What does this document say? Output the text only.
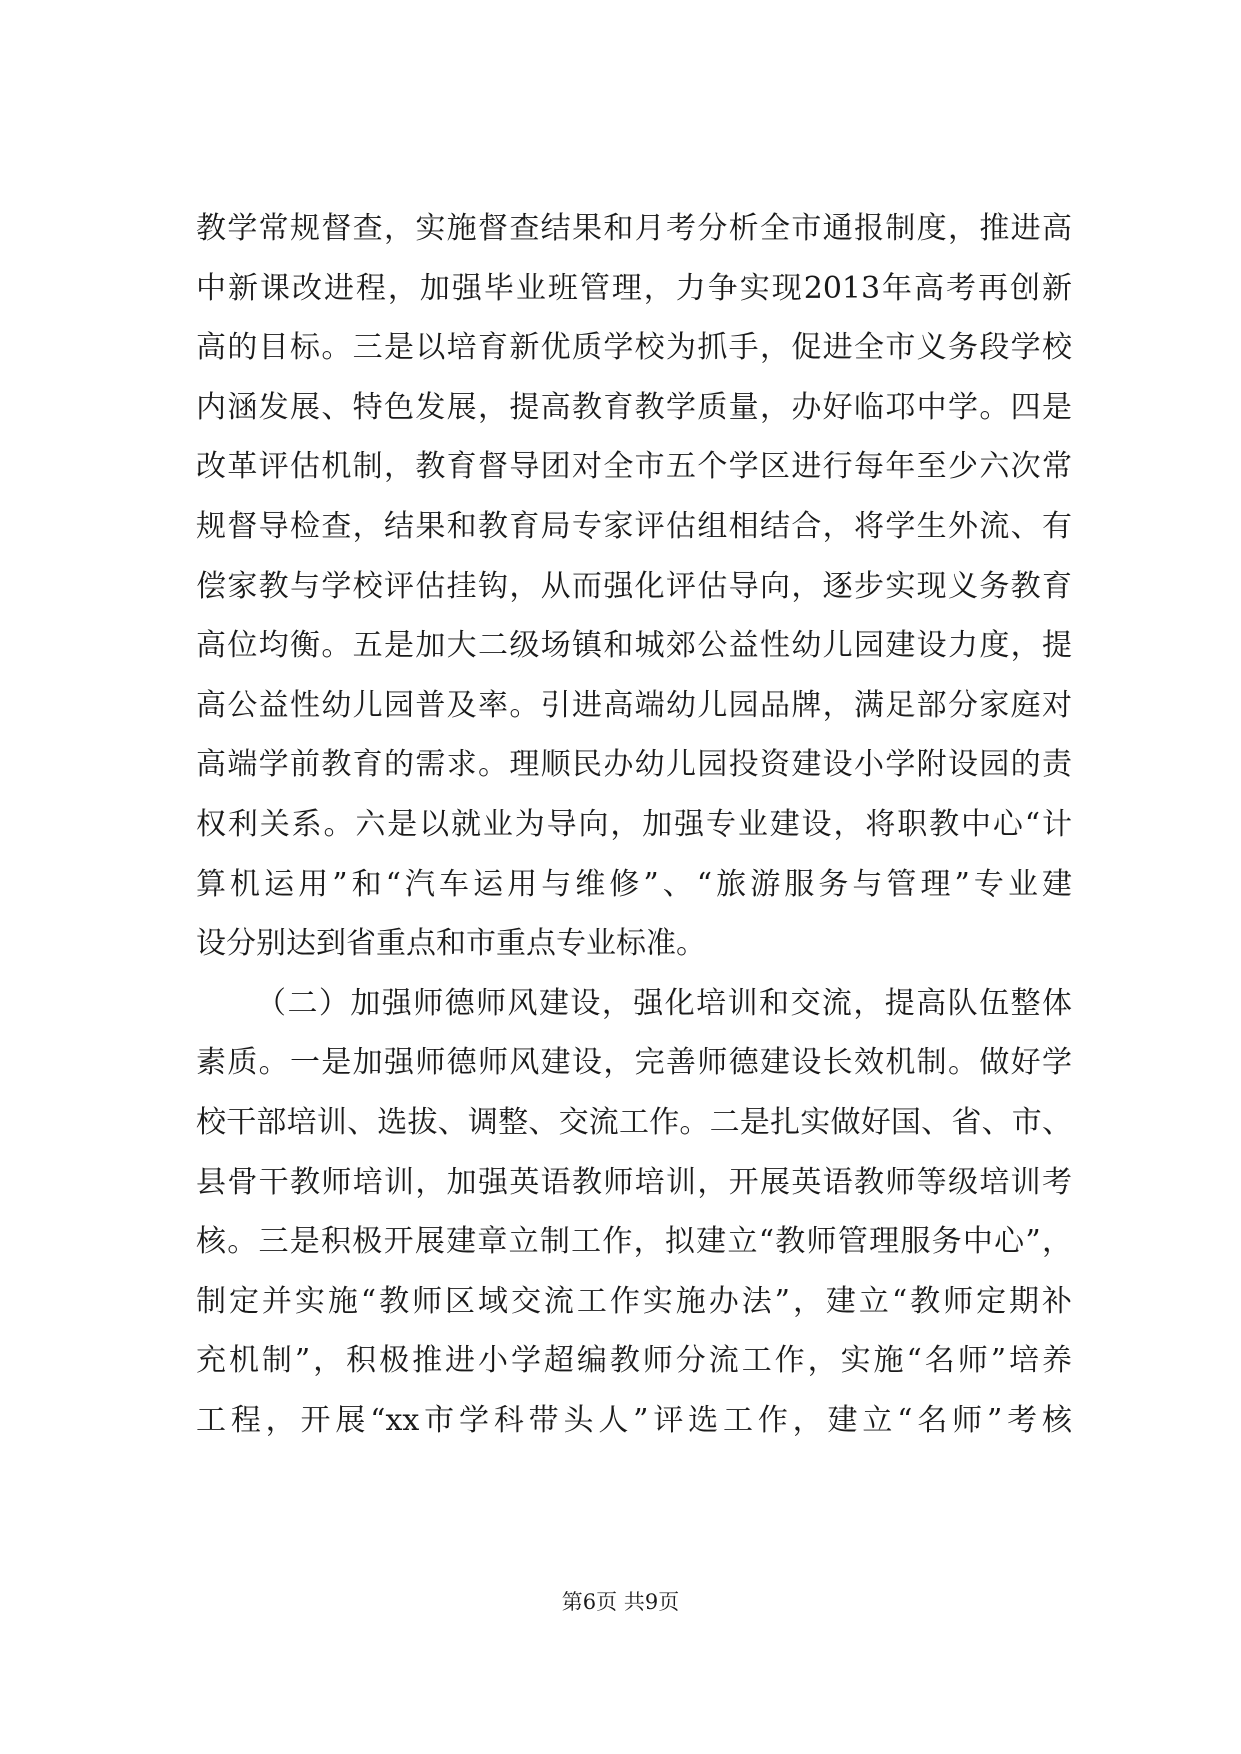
教学常规督查，实施督查结果和月考分析全市通报制度，推进高
中新课改进程，加强毕业班管理，力争实现2013年高考再创新
高的目标。三是以培育新优质学校为抓手，促进全市义务段学校
内涵发展、特色发展，提高教育教学质量，办好临邛中学。四是
改革评估机制，教育督导团对全市五个学区进行每年至少六次常
规督导检查，结果和教育局专家评估组相结合，将学生外流、有
偿家教与学校评估挂钩，从而强化评估导向，逐步实现义务教育
高位均衡。五是加大二级场镇和城郊公益性幼儿园建设力度，提
高公益性幼儿园普及率。引进高端幼儿园品牌，满足部分家庭对
高端学前教育的需求。理顺民办幼儿园投资建设小学附设园的责
权利关系。六是以就业为导向，加强专业建设，将职教中心“计
算机运用”和“汽车运用与维修”、“旅游服务与管理”专业建
设分别达到省重点和市重点专业标准。
（二）加强师德师风建设，强化培训和交流，提高队伍整体
素质。一是加强师德师风建设，完善师德建设长效机制。做好学
校干部培训、选拔、调整、交流工作。二是扎实做好国、省、市、
县骨干教师培训，加强英语教师培训，开展英语教师等级培训考
核。三是积极开展建章立制工作，拟建立“教师管理服务中心”，
制定并实施“教师区域交流工作实施办法”，建立“教师定期补
充机制”，积极推进小学超编教师分流工作，实施“名师”培养
工程，开展“xx市学科带头人”评选工作，建立“名师”考核
第6页 共9页
